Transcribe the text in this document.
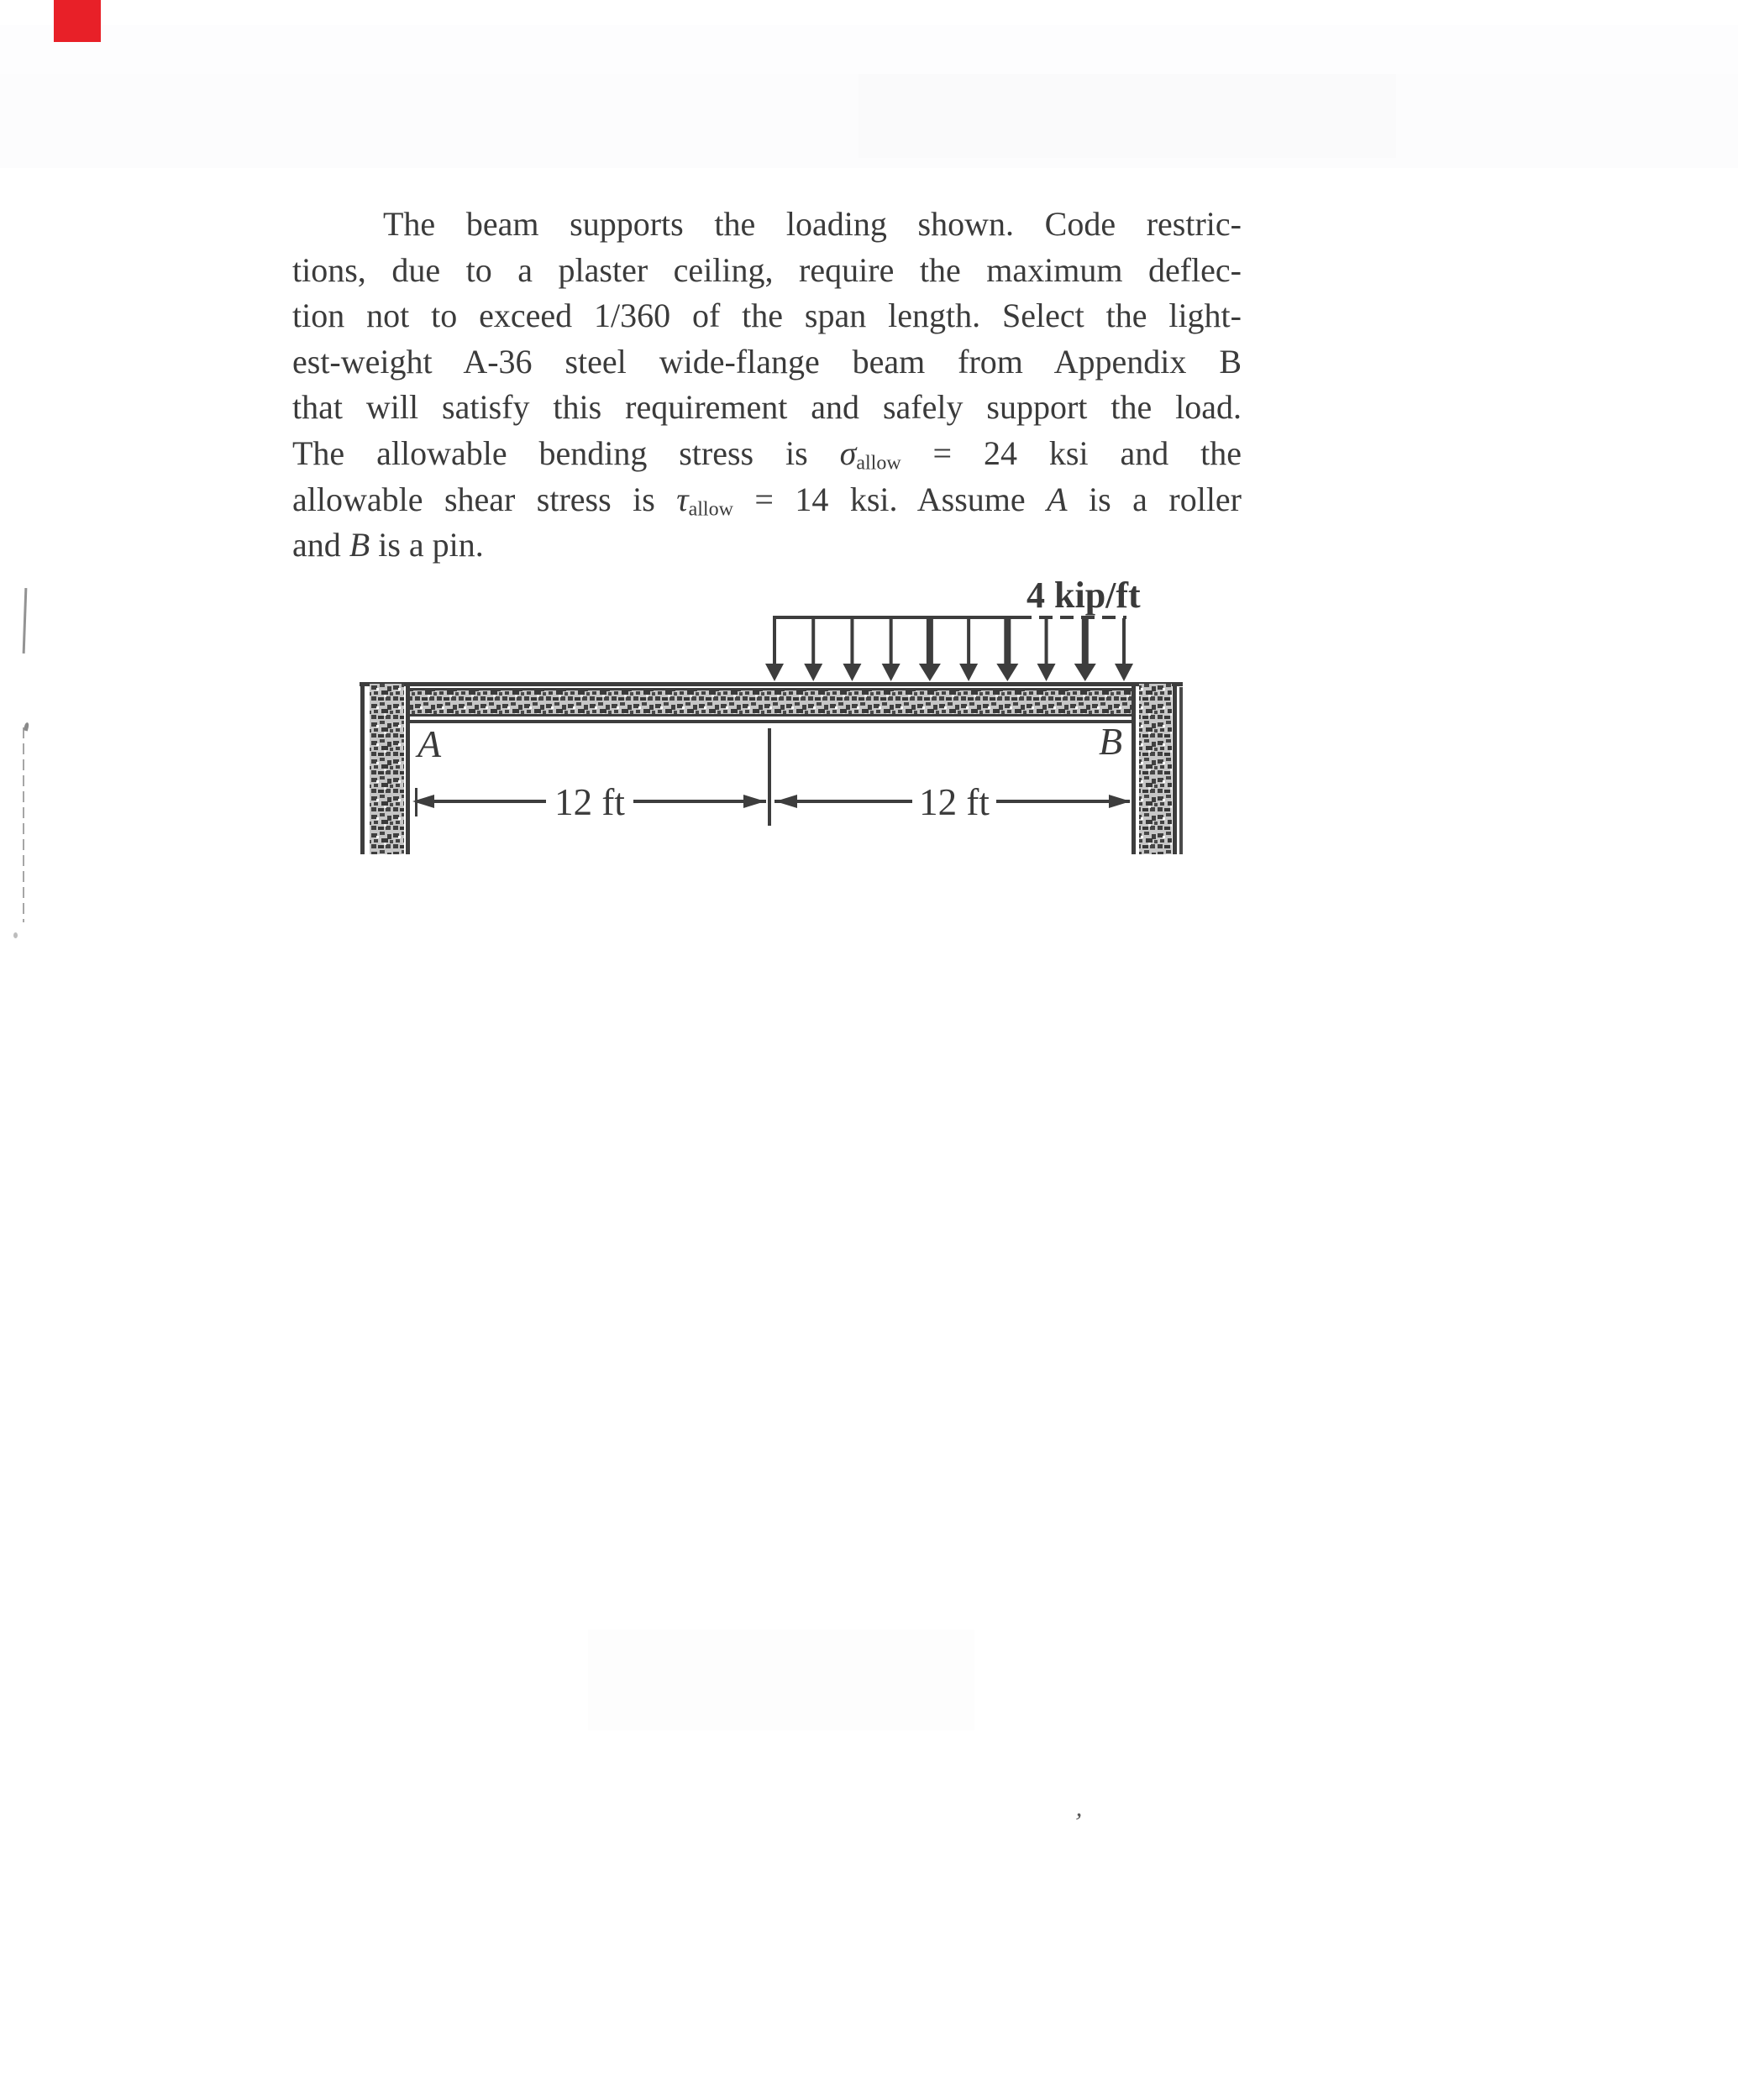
The beam supports the loading shown. Code restric-
tions, due to a plaster ceiling, require the maximum deflec-
tion not to exceed 1/360 of the span length. Select the light-
est-weight A-36 steel wide-flange beam from Appendix B
that will satisfy this requirement and safely support the load.
The allowable bending stress is $\sigma_{allow} = 24$ ksi and the
allowable shear stress is $\tau_{allow} = 14$ ksi. Assume A is a roller
and B is a pin.
4 kip/ft
A	B
12 ft	12 ft
,
